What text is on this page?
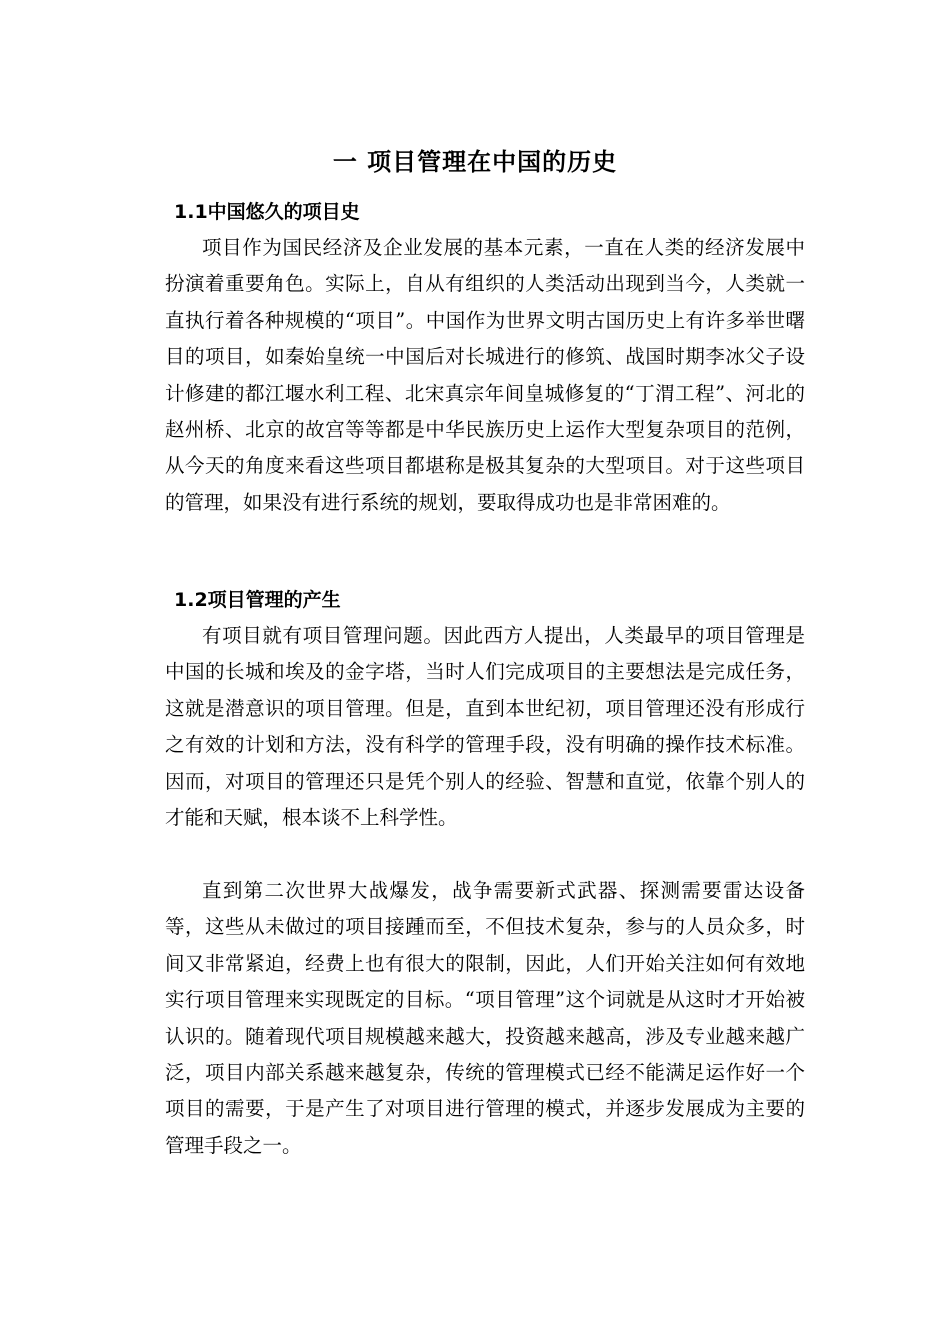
一 项目管理在中国的历史
1.1中国悠久的项目史

项目作为国民经济及企业发展的基本元素，一直在人类的经济发展中扮演着重要角色。实际上，自从有组织的人类活动出现到当今，人类就一直执行着各种规模的“项目”。中国作为世界文明古国历史上有许多举世曙目的项目，如秦始皇统一中国后对长城进行的修筑、战国时期李冰父子设计修建的都江堰水利工程、北宋真宗年间皇城修复的“丁渭工程”、河北的赵州桥、北京的故宫等等都是中华民族历史上运作大型复杂项目的范例，从今天的角度来看这些项目都堪称是极其复杂的大型项目。对于这些项目的管理，如果没有进行系统的规划，要取得成功也是非常困难的。

1.2项目管理的产生

有项目就有项目管理问题。因此西方人提出，人类最早的项目管理是中国的长城和埃及的金字塔，当时人们完成项目的主要想法是完成任务，这就是潜意识的项目管理。但是，直到本世纪初，项目管理还没有形成行之有效的计划和方法，没有科学的管理手段，没有明确的操作技术标准。因而，对项目的管理还只是凭个别人的经验、智慧和直觉，依靠个别人的才能和天赋，根本谈不上科学性。

直到第二次世界大战爆发，战争需要新式武器、探测需要雷达设备等，这些从未做过的项目接踵而至，不但技术复杂，参与的人员众多，时间又非常紧迫，经费上也有很大的限制，因此，人们开始关注如何有效地实行项目管理来实现既定的目标。“项目管理”这个词就是从这时才开始被认识的。随着现代项目规模越来越大，投资越来越高，涉及专业越来越广泛，项目内部关系越来越复杂，传统的管理模式已经不能满足运作好一个项目的需要，于是产生了对项目进行管理的模式，并逐步发展成为主要的管理手段之一。
